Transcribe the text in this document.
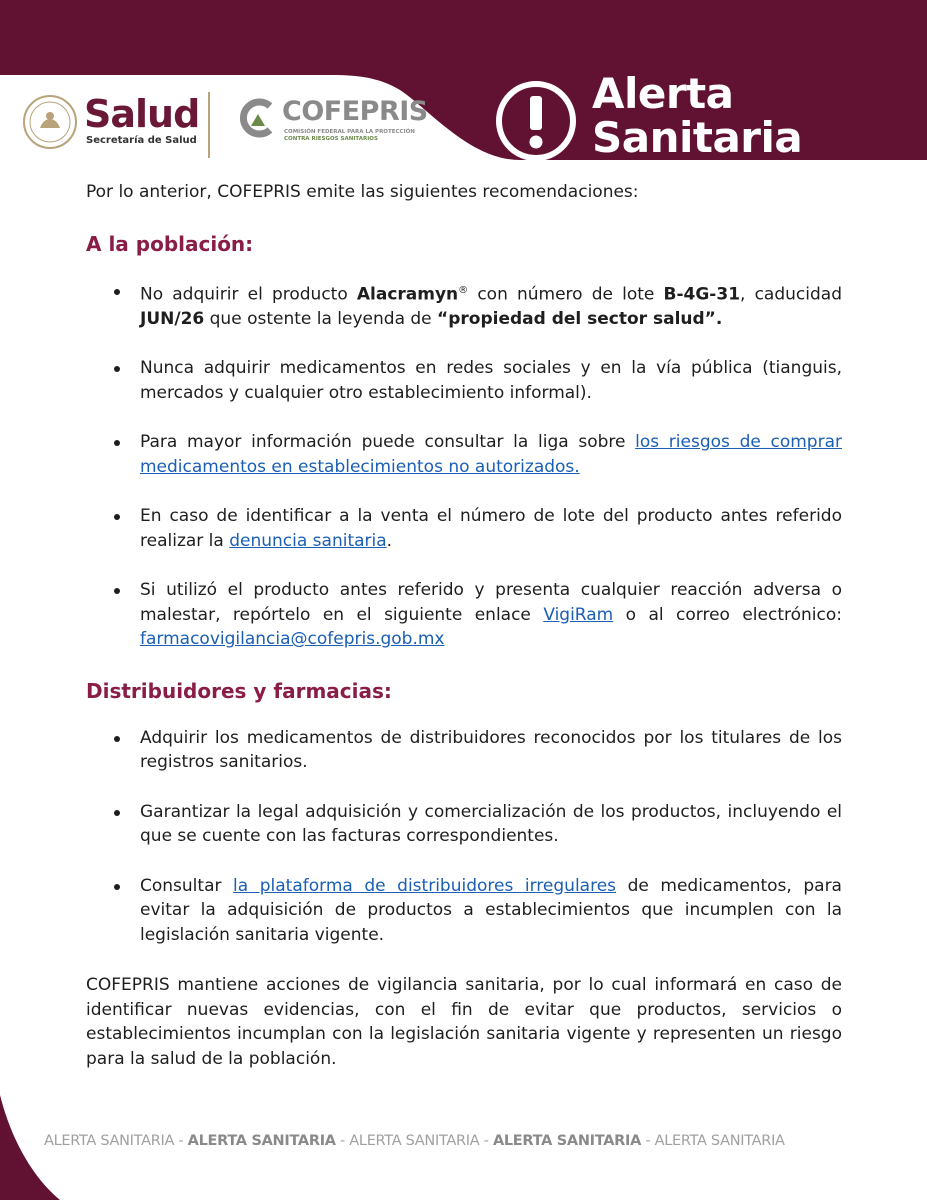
Salud
Secretaría de Salud
COFEPRIS
COMISIÓN FEDERAL PARA LA PROTECCIÓN
CONTRA RIESGOS SANITARIOS
Alerta
Sanitaria

Por lo anterior, COFEPRIS emite las siguientes recomendaciones:

A la población:
No adquirir el producto Alacramyn® con número de lote B-4G-31, caducidad JUN/26 que ostente la leyenda de “propiedad del sector salud”.
Nunca adquirir medicamentos en redes sociales y en la vía pública (tianguis, mercados y cualquier otro establecimiento informal).
Para mayor información puede consultar la liga sobre los riesgos de comprar medicamentos en establecimientos no autorizados.
En caso de identificar a la venta el número de lote del producto antes referido realizar la denuncia sanitaria.
Si utilizó el producto antes referido y presenta cualquier reacción adversa o malestar, repórtelo en el siguiente enlace VigiRam o al correo electrónico: farmacovigilancia@cofepris.gob.mx
Distribuidores y farmacias:
Adquirir los medicamentos de distribuidores reconocidos por los titulares de los registros sanitarios.
Garantizar la legal adquisición y comercialización de los productos, incluyendo el que se cuente con las facturas correspondientes.
Consultar la plataforma de distribuidores irregulares de medicamentos, para evitar la adquisición de productos a establecimientos que incumplen con la legislación sanitaria vigente.

COFEPRIS mantiene acciones de vigilancia sanitaria, por lo cual informará en caso de identificar nuevas evidencias, con el fin de evitar que productos, servicios o establecimientos incumplan con la legislación sanitaria vigente y representen un riesgo para la salud de la población.

ALERTA SANITARIA - ALERTA SANITARIA - ALERTA SANITARIA - ALERTA SANITARIA - ALERTA SANITARIA
